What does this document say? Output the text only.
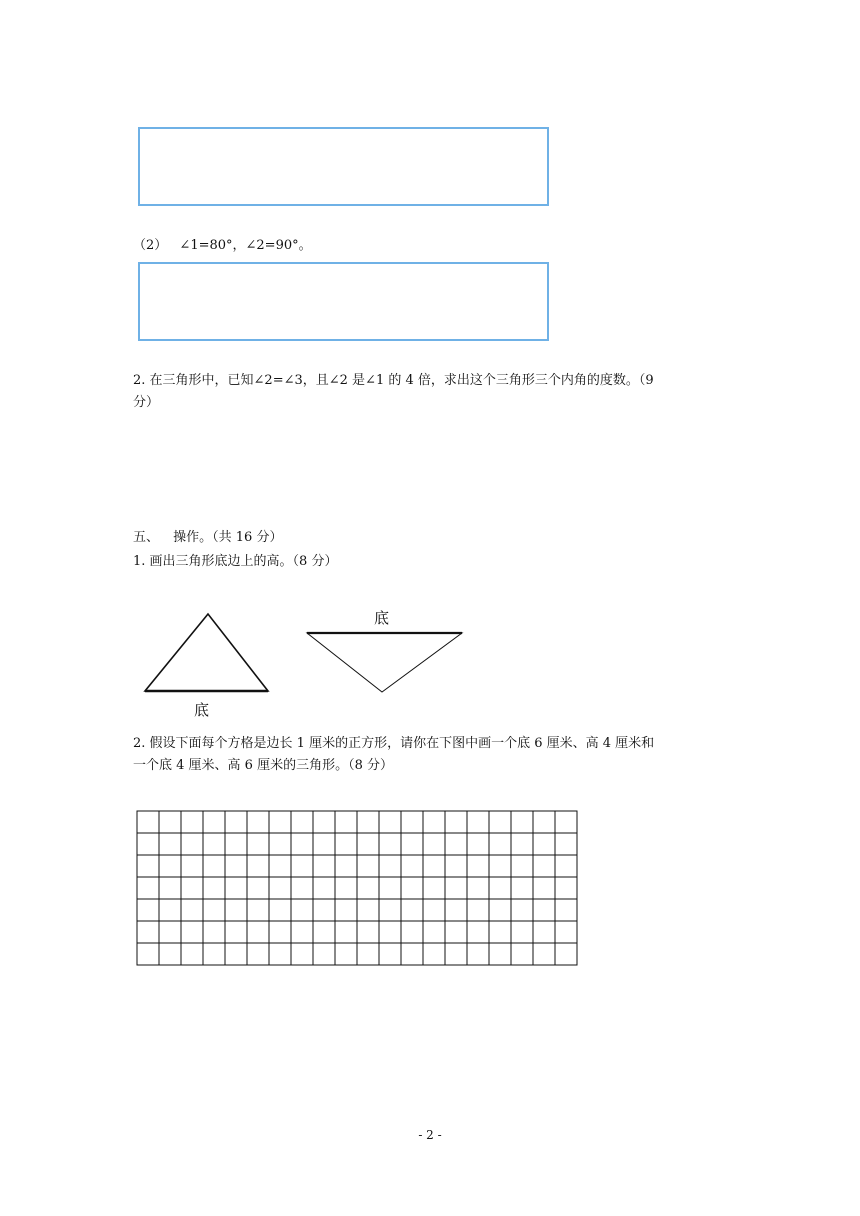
（2） ∠1=80°，∠2=90°。
2. 在三角形中，已知∠2=∠3，且∠2 是∠1 的 4 倍，求出这个三角形三个内角的度数。（9
分）
五、 操作。（共 16 分）
1. 画出三角形底边上的高。（8 分）
底
底
2. 假设下面每个方格是边长 1 厘米的正方形，请你在下图中画一个底 6 厘米、高 4 厘米和
一个底 4 厘米、高 6 厘米的三角形。（8 分）
- 2 -
